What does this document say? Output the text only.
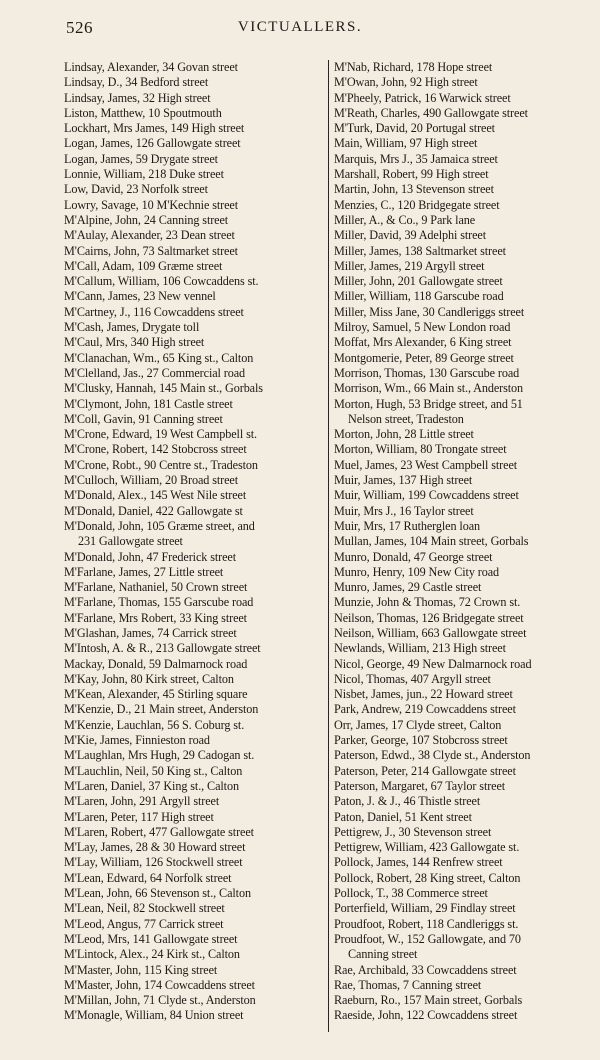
526	VICTUALLERS.
Lindsay, Alexander, 34 Govan street
Lindsay, D., 34 Bedford street
Lindsay, James, 32 High street
Liston, Matthew, 10 Spoutmouth
Lockhart, Mrs James, 149 High street
Logan, James, 126 Gallowgate street
Logan, James, 59 Drygate street
Lonnie, William, 218 Duke street
Low, David, 23 Norfolk street
Lowry, Savage, 10 M'Kechnie street
M'Alpine, John, 24 Canning street
M'Aulay, Alexander, 23 Dean street
M'Cairns, John, 73 Saltmarket street
M'Call, Adam, 109 Græme street
M'Callum, William, 106 Cowcaddens st.
M'Cann, James, 23 New vennel
M'Cartney, J., 116 Cowcaddens street
M'Cash, James, Drygate toll
M'Caul, Mrs, 340 High street
M'Clanachan, Wm., 65 King st., Calton
M'Clelland, Jas., 27 Commercial road
M'Clusky, Hannah, 145 Main st., Gorbals
M'Clymont, John, 181 Castle street
M'Coll, Gavin, 91 Canning street
M'Crone, Edward, 19 West Campbell st.
M'Crone, Robert, 142 Stobcross street
M'Crone, Robt., 90 Centre st., Tradeston
M'Culloch, William, 20 Broad street
M'Donald, Alex., 145 West Nile street
M'Donald, Daniel, 422 Gallowgate st
M'Donald, John, 105 Græme street, and
231 Gallowgate street
M'Donald, John, 47 Frederick street
M'Farlane, James, 27 Little street
M'Farlane, Nathaniel, 50 Crown street
M'Farlane, Thomas, 155 Garscube road
M'Farlane, Mrs Robert, 33 King street
M'Glashan, James, 74 Carrick street
M'Intosh, A. & R., 213 Gallowgate street
Mackay, Donald, 59 Dalmarnock road
M'Kay, John, 80 Kirk street, Calton
M'Kean, Alexander, 45 Stirling square
M'Kenzie, D., 21 Main street, Anderston
M'Kenzie, Lauchlan, 56 S. Coburg st.
M'Kie, James, Finnieston road
M'Laughlan, Mrs Hugh, 29 Cadogan st.
M'Lauchlin, Neil, 50 King st., Calton
M'Laren, Daniel, 37 King st., Calton
M'Laren, John, 291 Argyll street
M'Laren, Peter, 117 High street
M'Laren, Robert, 477 Gallowgate street
M'Lay, James, 28 & 30 Howard street
M'Lay, William, 126 Stockwell street
M'Lean, Edward, 64 Norfolk street
M'Lean, John, 66 Stevenson st., Calton
M'Lean, Neil, 82 Stockwell street
M'Leod, Angus, 77 Carrick street
M'Leod, Mrs, 141 Gallowgate street
M'Lintock, Alex., 24 Kirk st., Calton
M'Master, John, 115 King street
M'Master, John, 174 Cowcaddens street
M'Millan, John, 71 Clyde st., Anderston
M'Monagle, William, 84 Union street
M'Nab, Richard, 178 Hope street
M'Owan, John, 92 High street
M'Pheely, Patrick, 16 Warwick street
M'Reath, Charles, 490 Gallowgate street
M'Turk, David, 20 Portugal street
Main, William, 97 High street
Marquis, Mrs J., 35 Jamaica street
Marshall, Robert, 99 High street
Martin, John, 13 Stevenson street
Menzies, C., 120 Bridgegate street
Miller, A., & Co., 9 Park lane
Miller, David, 39 Adelphi street
Miller, James, 138 Saltmarket street
Miller, James, 219 Argyll street
Miller, John, 201 Gallowgate street
Miller, William, 118 Garscube road
Miller, Miss Jane, 30 Candleriggs street
Milroy, Samuel, 5 New London road
Moffat, Mrs Alexander, 6 King street
Montgomerie, Peter, 89 George street
Morrison, Thomas, 130 Garscube road
Morrison, Wm., 66 Main st., Anderston
Morton, Hugh, 53 Bridge street, and 51
Nelson street, Tradeston
Morton, John, 28 Little street
Morton, William, 80 Trongate street
Muel, James, 23 West Campbell street
Muir, James, 137 High street
Muir, William, 199 Cowcaddens street
Muir, Mrs J., 16 Taylor street
Muir, Mrs, 17 Rutherglen loan
Mullan, James, 104 Main street, Gorbals
Munro, Donald, 47 George street
Munro, Henry, 109 New City road
Munro, James, 29 Castle street
Munzie, John & Thomas, 72 Crown st.
Neilson, Thomas, 126 Bridgegate street
Neilson, William, 663 Gallowgate street
Newlands, William, 213 High street
Nicol, George, 49 New Dalmarnock road
Nicol, Thomas, 407 Argyll street
Nisbet, James, jun., 22 Howard street
Park, Andrew, 219 Cowcaddens street
Orr, James, 17 Clyde street, Calton
Parker, George, 107 Stobcross street
Paterson, Edwd., 38 Clyde st., Anderston
Paterson, Peter, 214 Gallowgate street
Paterson, Margaret, 67 Taylor street
Paton, J. & J., 46 Thistle street
Paton, Daniel, 51 Kent street
Pettigrew, J., 30 Stevenson street
Pettigrew, William, 423 Gallowgate st.
Pollock, James, 144 Renfrew street
Pollock, Robert, 28 King street, Calton
Pollock, T., 38 Commerce street
Porterfield, William, 29 Findlay street
Proudfoot, Robert, 118 Candleriggs st.
Proudfoot, W., 152 Gallowgate, and 70
Canning street
Rae, Archibald, 33 Cowcaddens street
Rae, Thomas, 7 Canning street
Raeburn, Ro., 157 Main street, Gorbals
Raeside, John, 122 Cowcaddens street
